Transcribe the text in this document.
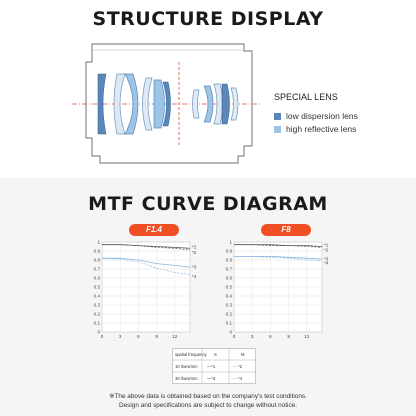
STRUCTURE DISPLAY
SPECIAL LENS
low dispersion lens
high reflective lens
MTF CURVE DIAGRAM
F1.4	F8
0
0.1
0.2
0.3
0.4
0.5
0.6
0.7
0.8
0.9
1
0	3	6	9	12
*1
*2
*3
*4
0
0.1
0.2
0.3
0.4
0.5
0.6
0.7
0.8
0.9
1
0	3	6	9	12
*1
*2
*3
*4
spatial frequency S	M
10 lines/mm —*1	- - *2
30 lines/mm —*3	- - *4
※The above data is obtained based on the company's test conditions.
Design and specifications are subject to change without notice.
